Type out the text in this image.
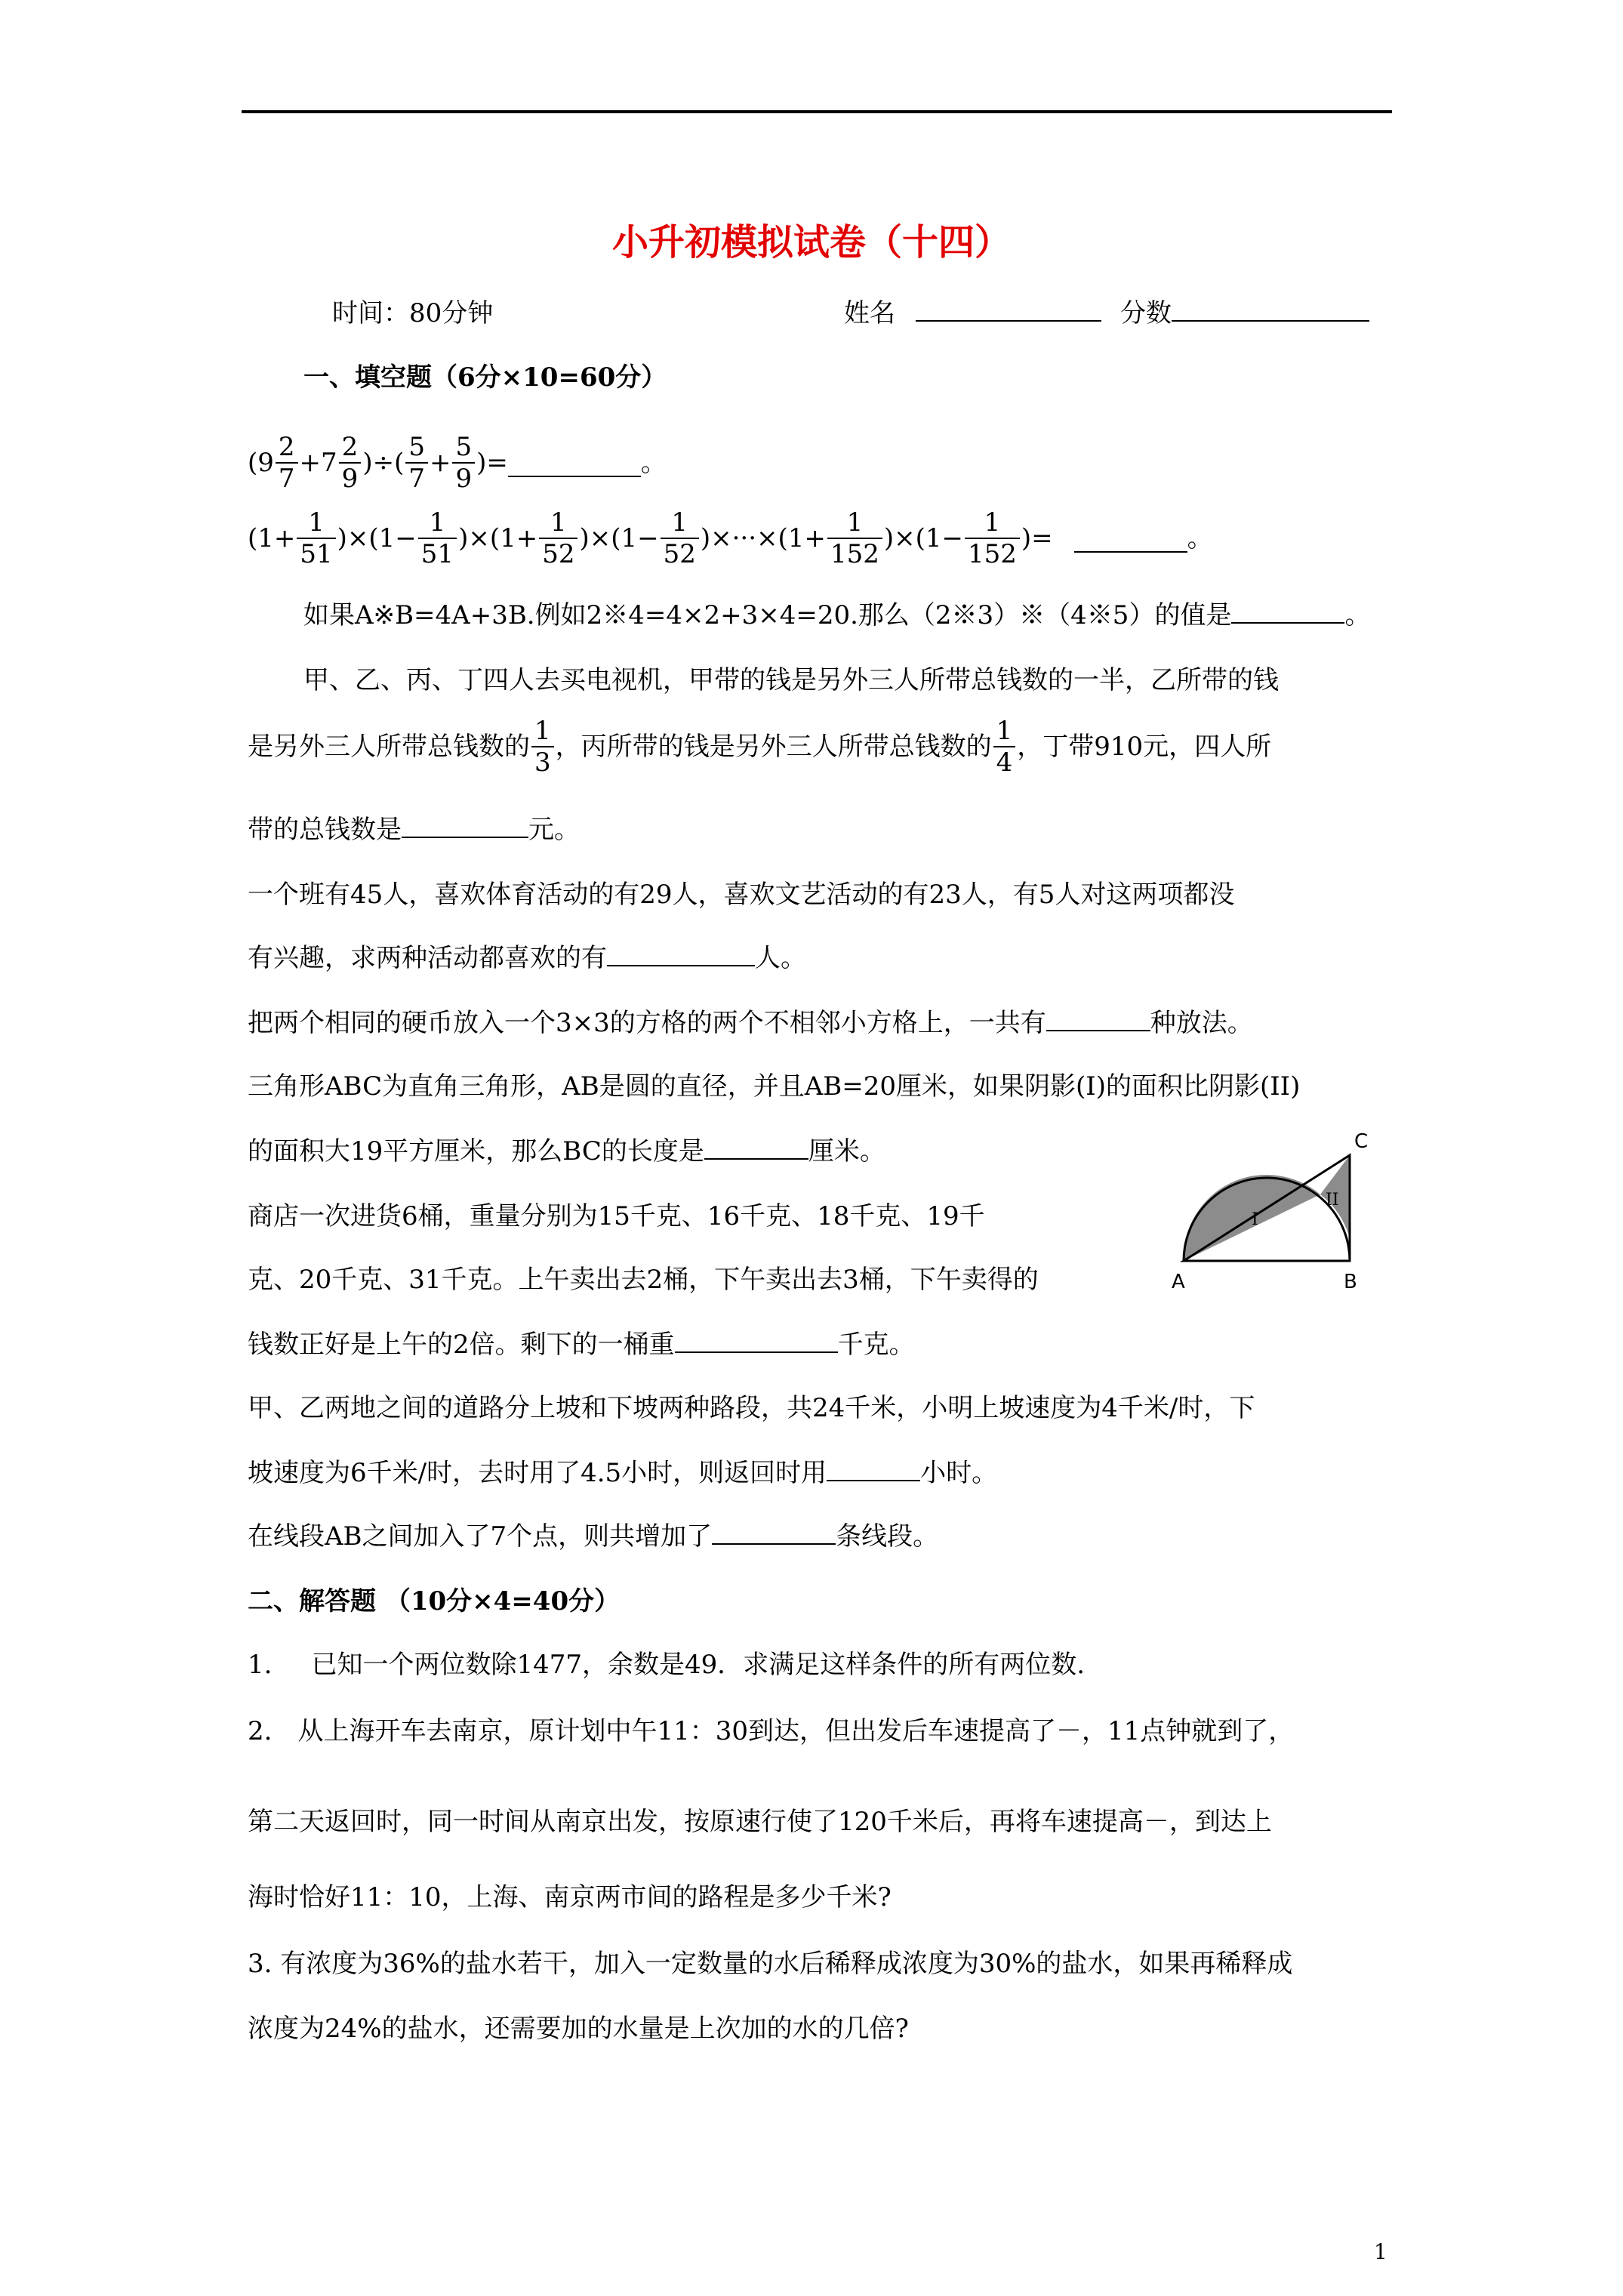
小升初模拟试卷（十四）
时间：80分钟	姓名	分数
一、填空题（6分×10=60分）
($9 \frac{2}{7} +7 \frac{2}{9}$ )÷( $\frac{5}{7} + \frac{5}{9}$ )=	。
$(1+ \frac{1}{51} )\times(1- \frac{1}{51} )\times(1+ \frac{1}{52} )\times(1- \frac{1}{52} )\times\cdot\cdot\cdot\times(1+ \frac{1}{152} )\times(1- \frac{1}{152}$ )=	。
如果A※B=4A+3B.例如2※4=4×2+3×4=20.那么（2※3）※（4※5）的值是	。
甲、乙、丙、丁四人去买电视机，甲带的钱是另外三人所带总钱数的一半，乙所带的钱
是另外三人所带总钱数的 $\frac{1}{3}$ ，丙所带的钱是另外三人所带总钱数的 $\frac{1}{4}$ ，丁带910元，四人所
带的总钱数是	元。
一个班有45人，喜欢体育活动的有29人，喜欢文艺活动的有23人，有5人对这两项都没
有兴趣，求两种活动都喜欢的有	人。
把两个相同的硬币放入一个3×3的方格的两个不相邻小方格上，一共有	种放法。
三角形ABC为直角三角形，AB是圆的直径，并且AB=20厘米，如果阴影(I)的面积比阴影(II)
的面积大19平方厘米，那么BC的长度是	厘米。
A	B
C
I
II
商店一次进货6桶，重量分别为15千克、16千克、18千克、19千
克、20千克、31千克。上午卖出去2桶，下午卖出去3桶，下午卖得的
钱数正好是上午的2倍。剩下的一桶重	千克。
甲、乙两地之间的道路分上坡和下坡两种路段，共24千米，小明上坡速度为4千米/时，下
坡速度为6千米/时，去时用了4.5小时，则返回时用	小时。
在线段AB之间加入了7个点，则共增加了	条线段。
二、解答题 （10分×4=40分）
1. 已知一个两位数除1477，余数是49．求满足这样条件的所有两位数.
2. 从上海开车去南京，原计划中午11：30到达，但出发后车速提高了－，11点钟就到了，
第二天返回时，同一时间从南京出发，按原速行使了120千米后，再将车速提高－，到达上
海时恰好11：10，上海、南京两市间的路程是多少千米?
3. 有浓度为36%的盐水若干，加入一定数量的水后稀释成浓度为30%的盐水，如果再稀释成
浓度为24%的盐水，还需要加的水量是上次加的水的几倍?
1
